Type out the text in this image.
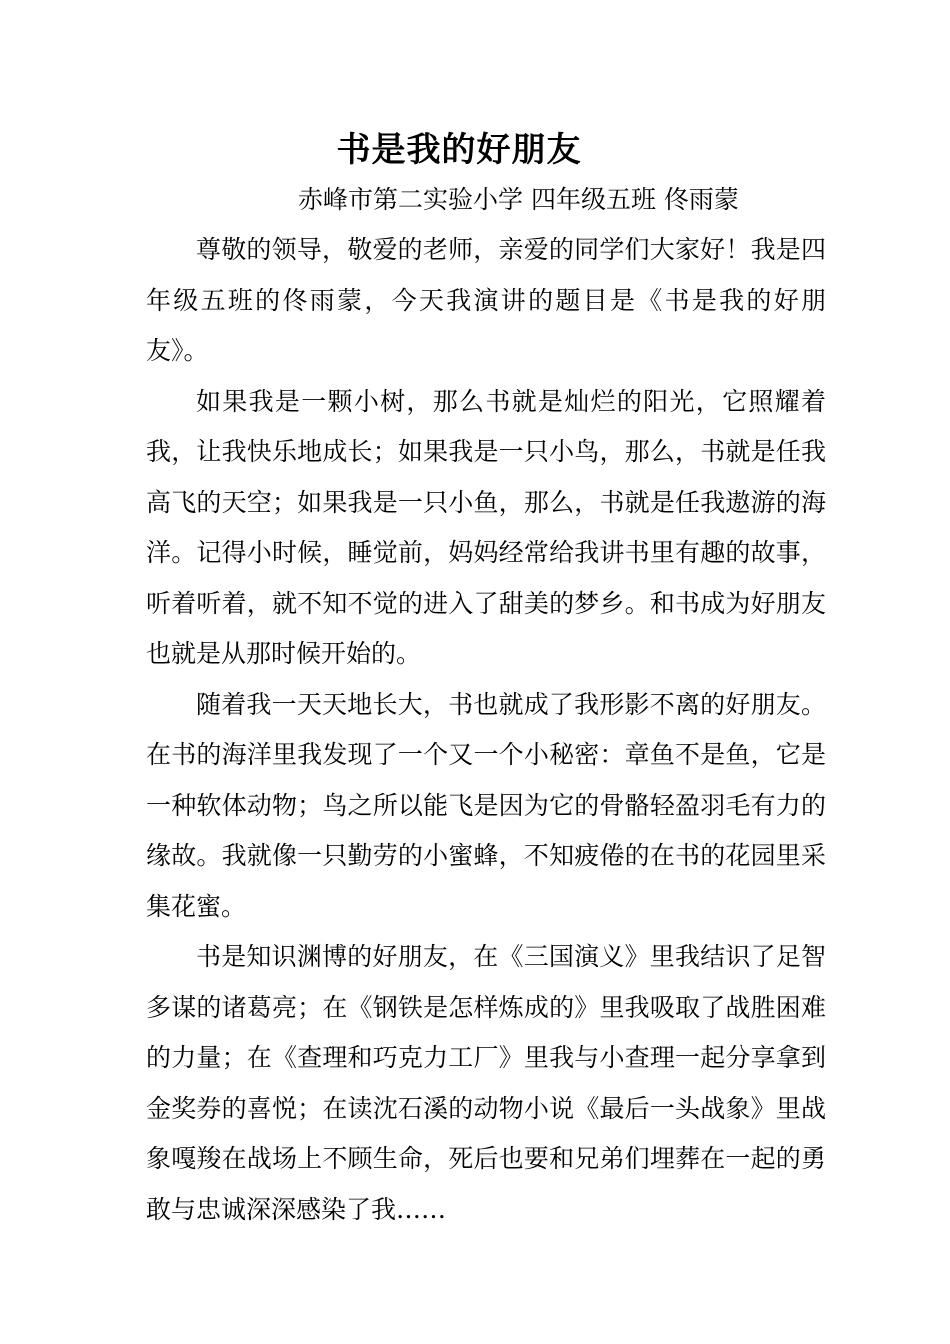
书是我的好朋友

赤峰市第二实验小学 四年级五班 佟雨蒙

尊敬的领导，敬爱的老师，亲爱的同学们大家好！我是四年级五班的佟雨蒙，今天我演讲的题目是《书是我的好朋友》。

如果我是一颗小树，那么书就是灿烂的阳光，它照耀着我，让我快乐地成长；如果我是一只小鸟，那么，书就是任我高飞的天空；如果我是一只小鱼，那么，书就是任我遨游的海洋。记得小时候，睡觉前，妈妈经常给我讲书里有趣的故事，听着听着，就不知不觉的进入了甜美的梦乡。和书成为好朋友也就是从那时候开始的。

随着我一天天地长大，书也就成了我形影不离的好朋友。在书的海洋里我发现了一个又一个小秘密：章鱼不是鱼，它是一种软体动物；鸟之所以能飞是因为它的骨骼轻盈羽毛有力的缘故。我就像一只勤劳的小蜜蜂，不知疲倦的在书的花园里采集花蜜。

书是知识渊博的好朋友，在《三国演义》里我结识了足智多谋的诸葛亮；在《钢铁是怎样炼成的》里我吸取了战胜困难的力量；在《查理和巧克力工厂》里我与小查理一起分享拿到金奖券的喜悦；在读沈石溪的动物小说《最后一头战象》里战象嘎羧在战场上不顾生命，死后也要和兄弟们埋葬在一起的勇敢与忠诚深深感染了我……
